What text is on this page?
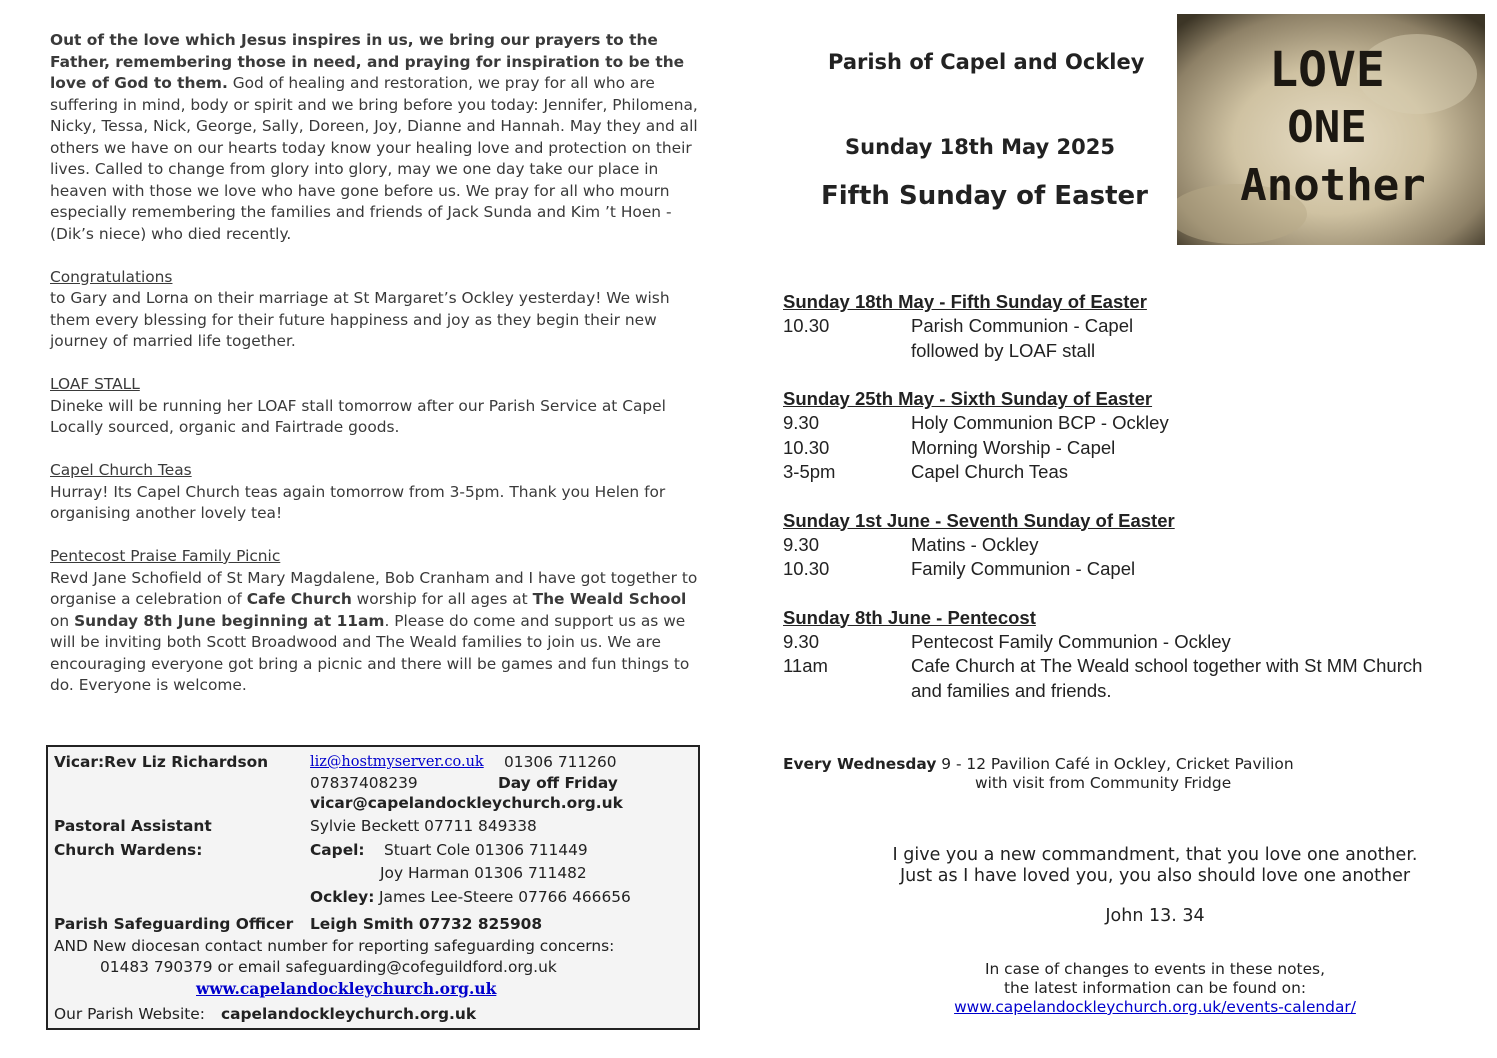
Out of the love which Jesus inspires in us, we bring our prayers to the Father, remembering those in need, and praying for inspiration to be the love of God to them. God of healing and restoration, we pray for all who are suffering in mind, body or spirit and we bring before you today: Jennifer, Philomena, Nicky, Tessa, Nick, George, Sally, Doreen, Joy, Dianne and Hannah. May they and all others we have on our hearts today know your healing love and protection on their lives. Called to change from glory into glory, may we one day take our place in heaven with those we love who have gone before us. We pray for all who mourn especially remembering the families and friends of Jack Sunda and Kim ’t Hoen - (Dik’s niece) who died recently.

Congratulations
to Gary and Lorna on their marriage at St Margaret’s Ockley yesterday! We wish them every blessing for their future happiness and joy as they begin their new journey of married life together.

LOAF STALL
Dineke will be running her LOAF stall tomorrow after our Parish Service at Capel Locally sourced, organic and Fairtrade goods.

Capel Church Teas
Hurray! Its Capel Church teas again tomorrow from 3-5pm. Thank you Helen for organising another lovely tea!

Pentecost Praise Family Picnic
Revd Jane Schofield of St Mary Magdalene, Bob Cranham and I have got together to organise a celebration of Cafe Church worship for all ages at The Weald School on Sunday 8th June beginning at 11am. Please do come and support us as we will be inviting both Scott Broadwood and The Weald families to join us. We are encouraging everyone got bring a picnic and there will be games and fun things to do. Everyone is welcome.

Vicar:Rev Liz Richardson	liz@hostmyserver.co.uk 01306 711260
07837408239	Day off Friday
vicar@capelandockleychurch.org.uk
Pastoral Assistant	Sylvie Beckett 07711 849338
Church Wardens:	Capel: Stuart Cole 01306 711449
Joy Harman 01306 711482
Ockley: James Lee-Steere 07766 466656
Parish Safeguarding Officer Leigh Smith 07732 825908
AND New diocesan contact number for reporting safeguarding concerns:
01483 790379 or email safeguarding@cofeguildford.org.uk
www.capelandockleychurch.org.uk
Our Parish Website: capelandockleychurch.org.uk
Parish of Capel and Ockley
Sunday 18th May 2025
Fifth Sunday of Easter
LOVE
ONE
Another
Sunday 18th May - Fifth Sunday of Easter
10.30	Parish Communion - Capel
followed by LOAF stall
Sunday 25th May - Sixth Sunday of Easter
9.30	Holy Communion BCP - Ockley
10.30	Morning Worship - Capel
3-5pm	Capel Church Teas
Sunday 1st June - Seventh Sunday of Easter
9.30	Matins - Ockley
10.30	Family Communion - Capel
Sunday 8th June - Pentecost
9.30	Pentecost Family Communion - Ockley
11am	Cafe Church at The Weald school together with St MM Church
and families and friends.
Every Wednesday 9 - 12 Pavilion Café in Ockley, Cricket Pavilion
with visit from Community Fridge
I give you a new commandment, that you love one another.
Just as I have loved you, you also should love one another
John 13. 34
In case of changes to events in these notes,
the latest information can be found on:
www.capelandockleychurch.org.uk/events-calendar/
